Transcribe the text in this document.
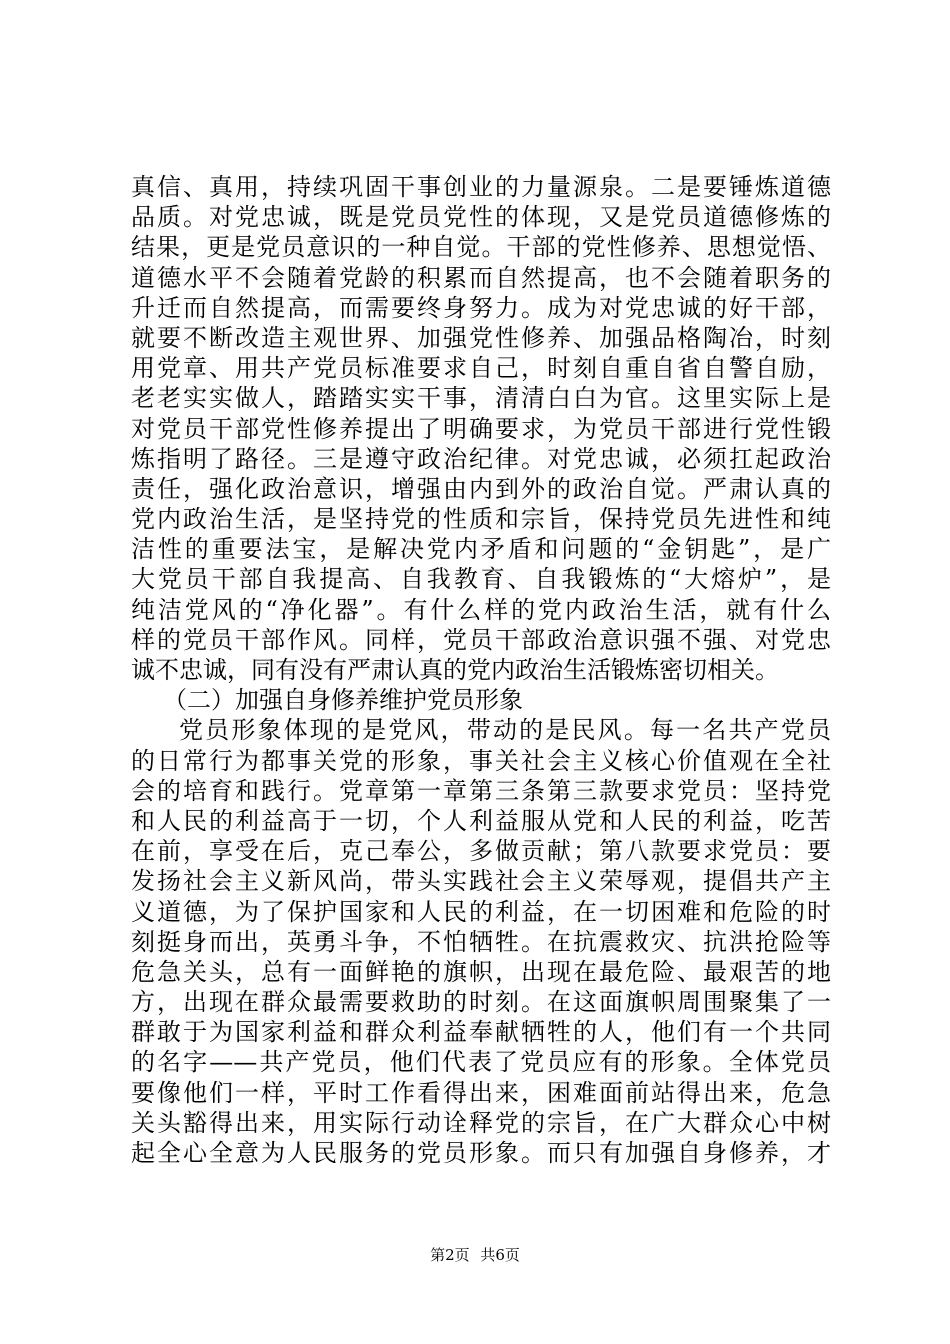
真信、真用，持续巩固干事创业的力量源泉。二是要锤炼道德
品质。对党忠诚，既是党员党性的体现，又是党员道德修炼的
结果，更是党员意识的一种自觉。干部的党性修养、思想觉悟、
道德水平不会随着党龄的积累而自然提高，也不会随着职务的
升迁而自然提高，而需要终身努力。成为对党忠诚的好干部，
就要不断改造主观世界、加强党性修养、加强品格陶冶，时刻
用党章、用共产党员标准要求自己，时刻自重自省自警自励，
老老实实做人，踏踏实实干事，清清白白为官。这里实际上是
对党员干部党性修养提出了明确要求，为党员干部进行党性锻
炼指明了路径。三是遵守政治纪律。对党忠诚，必须扛起政治
责任，强化政治意识，增强由内到外的政治自觉。严肃认真的
党内政治生活，是坚持党的性质和宗旨，保持党员先进性和纯
洁性的重要法宝，是解决党内矛盾和问题的“金钥匙”，是广
大党员干部自我提高、自我教育、自我锻炼的“大熔炉”，是
纯洁党风的“净化器”。有什么样的党内政治生活，就有什么
样的党员干部作风。同样，党员干部政治意识强不强、对党忠
诚不忠诚，同有没有严肃认真的党内政治生活锻炼密切相关。
（二）加强自身修养维护党员形象
党员形象体现的是党风，带动的是民风。每一名共产党员
的日常行为都事关党的形象，事关社会主义核心价值观在全社
会的培育和践行。党章第一章第三条第三款要求党员：坚持党
和人民的利益高于一切，个人利益服从党和人民的利益，吃苦
在前，享受在后，克己奉公，多做贡献；第八款要求党员：要
发扬社会主义新风尚，带头实践社会主义荣辱观，提倡共产主
义道德，为了保护国家和人民的利益，在一切困难和危险的时
刻挺身而出，英勇斗争，不怕牺牲。在抗震救灾、抗洪抢险等
危急关头，总有一面鲜艳的旗帜，出现在最危险、最艰苦的地
方，出现在群众最需要救助的时刻。在这面旗帜周围聚集了一
群敢于为国家利益和群众利益奉献牺牲的人，他们有一个共同
的名字——共产党员，他们代表了党员应有的形象。全体党员
要像他们一样，平时工作看得出来，困难面前站得出来，危急
关头豁得出来，用实际行动诠释党的宗旨，在广大群众心中树
起全心全意为人民服务的党员形象。而只有加强自身修养，才
第2页 共6页
